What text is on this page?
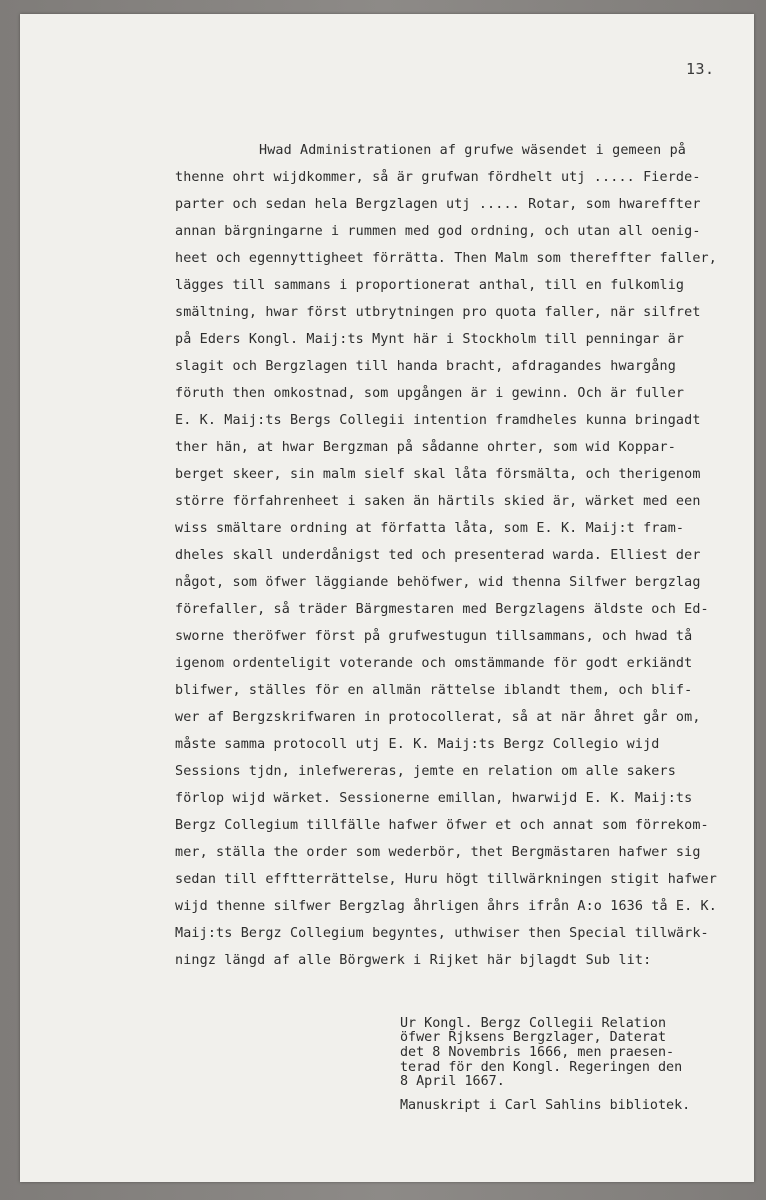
13.
Hwad Administrationen af grufwe wäsendet i gemeen på
thenne ohrt wijdkommer, så är grufwan fördhelt utj ..... Fierde-
parter och sedan hela Bergzlagen utj ..... Rotar, som hwareffter
annan bärgningarne i rummen med god ordning, och utan all oenig-
heet och egennyttigheet förrätta. Then Malm som thereffter faller,
lägges till sammans i proportionerat anthal, till en fulkomlig
smältning, hwar först utbrytningen pro quota faller, när silfret
på Eders Kongl. Maij:ts Mynt här i Stockholm till penningar är
slagit och Bergzlagen till handa bracht, afdragandes hwargång
föruth then omkostnad, som upgången är i gewinn. Och är fuller
E. K. Maij:ts Bergs Collegii intention framdheles kunna bringadt
ther hän, at hwar Bergzman på sådanne ohrter, som wid Koppar-
berget skeer, sin malm sielf skal låta försmälta, och therigenom
större förfahrenheet i saken än härtils skied är, wärket med een
wiss smältare ordning at författa låta, som E. K. Maij:t fram-
dheles skall underdånigst ted och presenterad warda. Elliest der
något, som öfwer läggiande behöfwer, wid thenna Silfwer bergzlag
förefaller, så träder Bärgmestaren med Bergzlagens äldste och Ed-
sworne theröfwer först på grufwestugun tillsammans, och hwad tå
igenom ordenteligit voterande och omstämmande för godt erkiändt
blifwer, ställes för en allmän rättelse iblandt them, och blif-
wer af Bergzskrifwaren in protocollerat, så at när åhret går om,
måste samma protocoll utj E. K. Maij:ts Bergz Collegio wijd
Sessions tjdn, inlefwereras, jemte en relation om alle sakers
förlop wijd wärket. Sessionerne emillan, hwarwijd E. K. Maij:ts
Bergz Collegium tillfälle hafwer öfwer et och annat som förrekom-
mer, ställa the order som wederbör, thet Bergmästaren hafwer sig
sedan till efftterrättelse, Huru högt tillwärkningen stigit hafwer
wijd thenne silfwer Bergzlag åhrligen åhrs ifrån A:o 1636 tå E. K.
Maij:ts Bergz Collegium begyntes, uthwiser then Special tillwärk-
ningz längd af alle Börgwerk i Rijket här bjlagdt Sub lit:
Ur Kongl. Bergz Collegii Relation
öfwer Rjksens Bergzlager, Daterat
det 8 Novembris 1666, men praesen-
terad för den Kongl. Regeringen den
8 April 1667.
Manuskript i Carl Sahlins bibliotek.
